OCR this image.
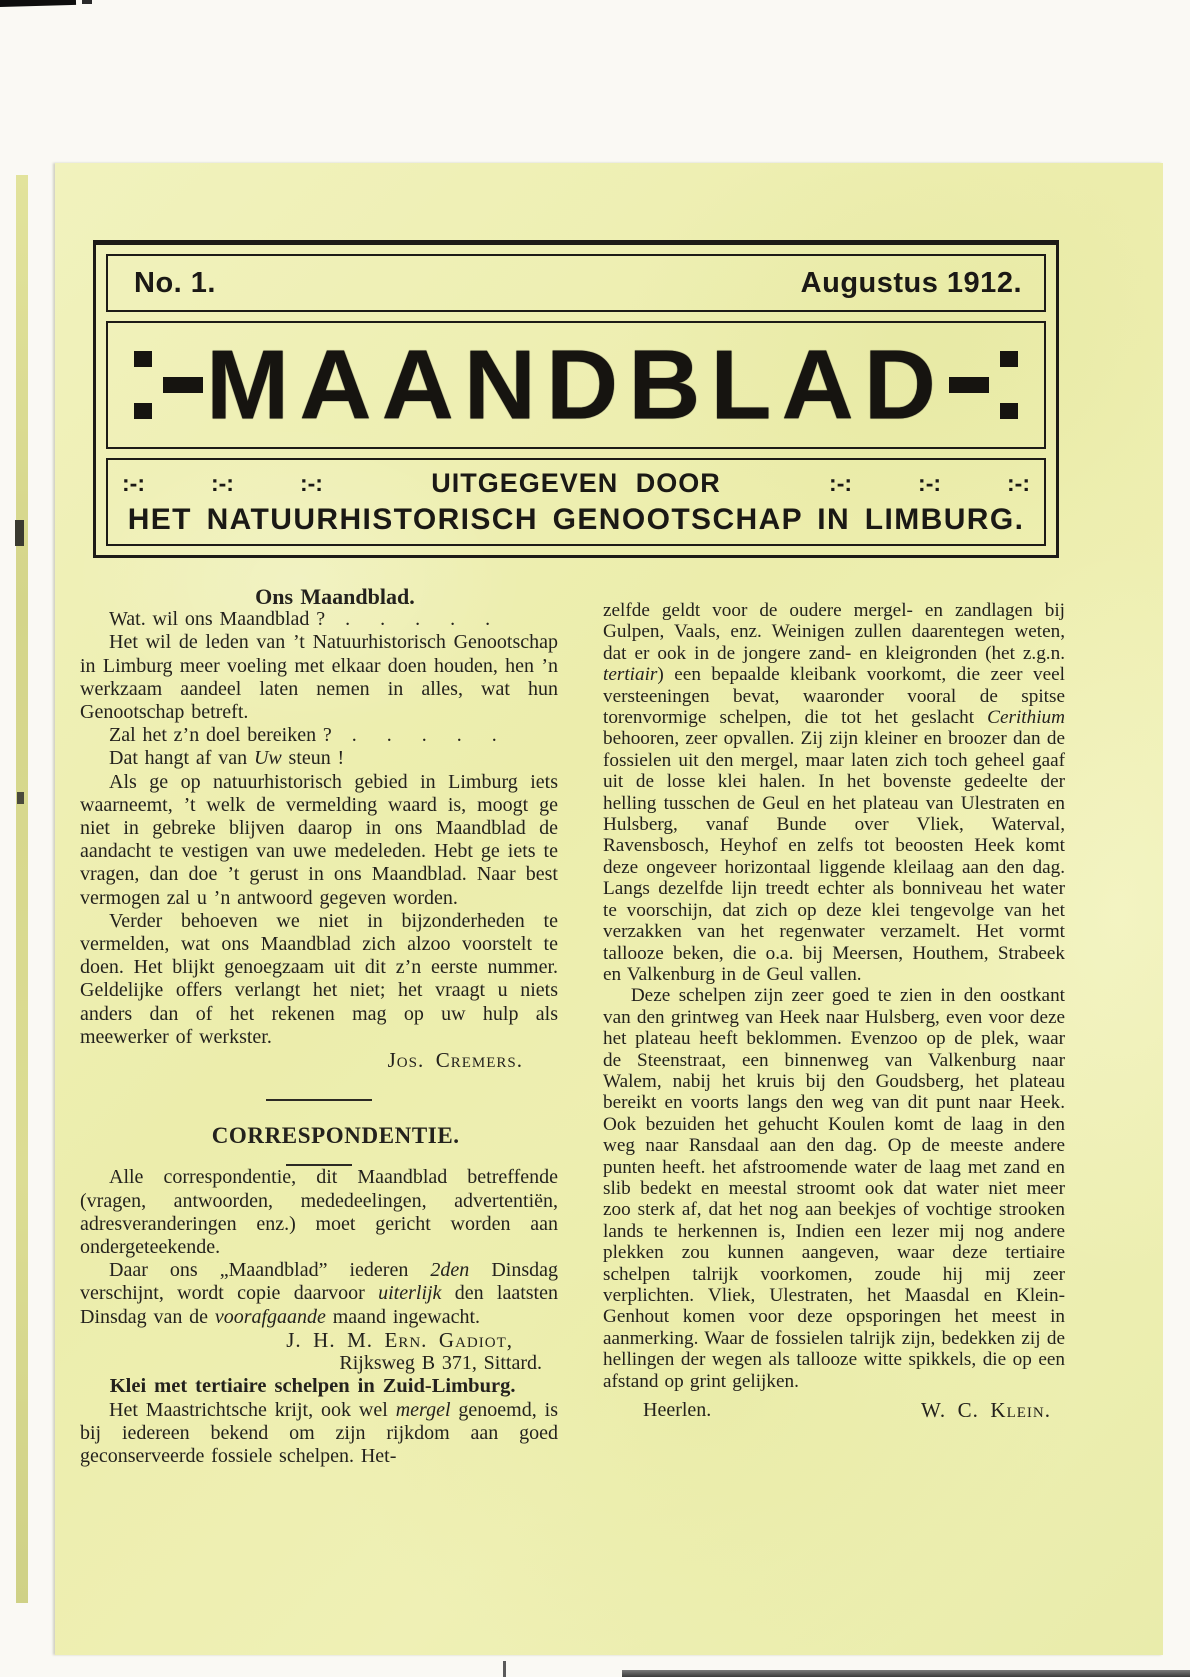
No. 1.	Augustus 1912.
MAANDBLAD
:-:	:-:	:-:	UITGEGEVEN DOOR	:-:	:-:	:-:
HET NATUURHISTORISCH GENOOTSCHAP IN LIMBURG.

Ons Maandblad.

Wat. wil ons Maandblad ? .  .  .  .  .

Het wil de leden van ’t Natuurhistorisch Genootschap in Limburg meer voeling met elkaar doen houden, hen ’n werkzaam aandeel laten nemen in alles, wat hun Genootschap betreft.

Zal het z’n doel bereiken ? .  .  .  .  .

Dat hangt af van Uw steun !

Als ge op natuurhistorisch gebied in Limburg iets waarneemt, ’t welk de vermelding waard is, moogt ge niet in gebreke blijven daarop in ons Maandblad de aandacht te vestigen van uwe medeleden. Hebt ge iets te vragen, dan doe ’t gerust in ons Maandblad. Naar best vermogen zal u ’n antwoord gegeven worden.

Verder behoeven we niet in bijzonderheden te vermelden, wat ons Maandblad zich alzoo voorstelt te doen. Het blijkt genoegzaam uit dit z’n eerste nummer. Geldelijke offers verlangt het niet; het vraagt u niets anders dan of het rekenen mag op uw hulp als meewerker of werkster.

Jos. Cremers.

CORRESPONDENTIE.

Alle correspondentie, dit Maandblad betreffende (vragen, antwoorden, mededeelingen, advertentiën, adresveranderingen enz.) moet gericht worden aan ondergeteekende.

Daar ons „Maandblad” iederen 2den Dinsdag verschijnt, wordt copie daarvoor uiterlijk den laatsten Dinsdag van de voorafgaande maand ingewacht.

J. H. M. Ern. Gadiot,

Rijksweg B 371, Sittard.

Klei met tertiaire schelpen in Zuid-Limburg.

Het Maastrichtsche krijt, ook wel mergel genoemd, is bij iedereen bekend om zijn rijkdom aan goed geconserveerde fossiele schelpen. Het-

zelfde geldt voor de oudere mergel- en zandlagen bij Gulpen, Vaals, enz. Weinigen zullen daarentegen weten, dat er ook in de jongere zand- en kleigronden (het z.g.n. tertiair) een bepaalde kleibank voorkomt, die zeer veel versteeningen bevat, waaronder vooral de spitse torenvormige schelpen, die tot het geslacht Cerithium behooren, zeer opvallen. Zij zijn kleiner en broozer dan de fossielen uit den mergel, maar laten zich toch geheel gaaf uit de losse klei halen. In het bovenste gedeelte der helling tusschen de Geul en het plateau van Ulestraten en Hulsberg, vanaf Bunde over Vliek, Waterval, Ravensbosch, Heyhof en zelfs tot beoosten Heek komt deze ongeveer horizontaal liggende kleilaag aan den dag. Langs dezelfde lijn treedt echter als bonniveau het water te voorschijn, dat zich op deze klei tengevolge van het verzakken van het regenwater verzamelt. Het vormt tallooze beken, die o.a. bij Meersen, Houthem, Strabeek en Valkenburg in de Geul vallen.

Deze schelpen zijn zeer goed te zien in den oostkant van den grintweg van Heek naar Hulsberg, even voor deze het plateau heeft beklommen. Evenzoo op de plek, waar de Steenstraat, een binnenweg van Valkenburg naar Walem, nabij het kruis bij den Goudsberg, het plateau bereikt en voorts langs den weg van dit punt naar Heek. Ook bezuiden het gehucht Koulen komt de laag in den weg naar Ransdaal aan den dag. Op de meeste andere punten heeft. het afstroomende water de laag met zand en slib bedekt en meestal stroomt ook dat water niet meer zoo sterk af, dat het nog aan beekjes of vochtige strooken lands te herkennen is, Indien een lezer mij nog andere plekken zou kunnen aangeven, waar deze tertiaire schelpen talrijk voorkomen, zoude hij mij zeer verplichten. Vliek, Ulestraten, het Maasdal en Klein-Genhout komen voor deze opsporingen het meest in aanmerking. Waar de fossielen talrijk zijn, bedekken zij de hellingen der wegen als tallooze witte spikkels, die op een afstand op grint gelijken.

Heerlen.	W. C. Klein.
